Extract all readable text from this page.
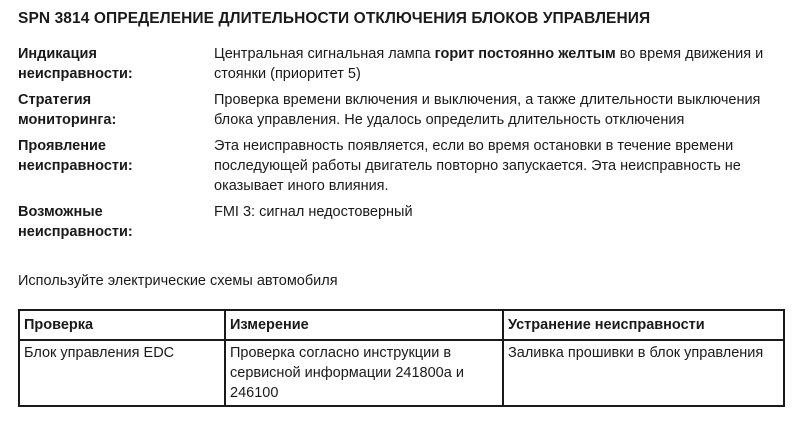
SPN 3814 ОПРЕДЕЛЕНИЕ ДЛИТЕЛЬНОСТИ ОТКЛЮЧЕНИЯ БЛОКОВ УПРАВЛЕНИЯ
Индикация
неисправности:
Центральная сигнальная лампа горит постоянно желтым во время движения и стоянки (приоритет 5)
Стратегия
мониторинга:
Проверка времени включения и выключения, а также длительности выключения блока управления. Не удалось определить длительность отключения
Проявление
неисправности:
Эта неисправность появляется, если во время остановки в течение времени последующей работы двигатель повторно запускается. Эта неисправность не оказывает иного влияния.
Возможные
неисправности:
FMI 3: сигнал недостоверный
Используйте электрические схемы автомобиля
Проверка	Измерение	Устранение неисправности
Блок управления EDC	Проверка согласно инструкции в сервисной информации 241800а и 246100	Заливка прошивки в блок управления
